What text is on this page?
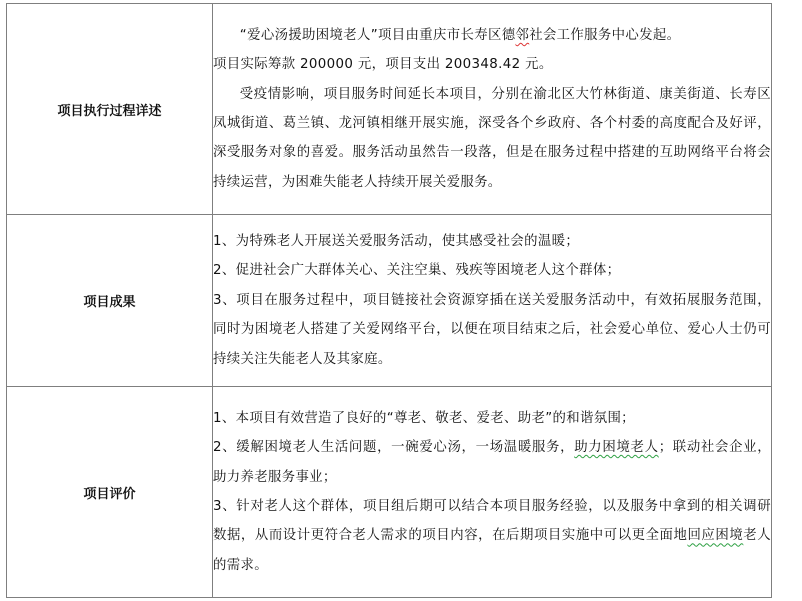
项目执行过程详述	“爱心汤援助困境老人”项目由重庆市长寿区德邻社会工作服务中心发起。

项目实际筹款 200000 元，项目支出 200348.42 元。

受疫情影响，项目服务时间延长本项目，分别在渝北区大竹林街道、康美街道、长寿区凤城街道、葛兰镇、龙河镇相继开展实施，深受各个乡政府、各个村委的高度配合及好评，深受服务对象的喜爱。服务活动虽然告一段落，但是在服务过程中搭建的互助网络平台将会持续运营，为困难失能老人持续开展关爱服务。

项目成果	1、为特殊老人开展送关爱服务活动，使其感受社会的温暖；

2、促进社会广大群体关心、关注空巢、残疾等困境老人这个群体；

3、项目在服务过程中，项目链接社会资源穿插在送关爱服务活动中，有效拓展服务范围，同时为困境老人搭建了关爱网络平台，以便在项目结束之后，社会爱心单位、爱心人士仍可持续关注失能老人及其家庭。

项目评价	1、本项目有效营造了良好的“尊老、敬老、爱老、助老”的和谐氛围；

2、缓解困境老人生活问题，一碗爱心汤，一场温暖服务，助力困境老人；联动社会企业，助力养老服务事业；

3、针对老人这个群体，项目组后期可以结合本项目服务经验，以及服务中拿到的相关调研数据，从而设计更符合老人需求的项目内容，在后期项目实施中可以更全面地回应困境老人的需求。
